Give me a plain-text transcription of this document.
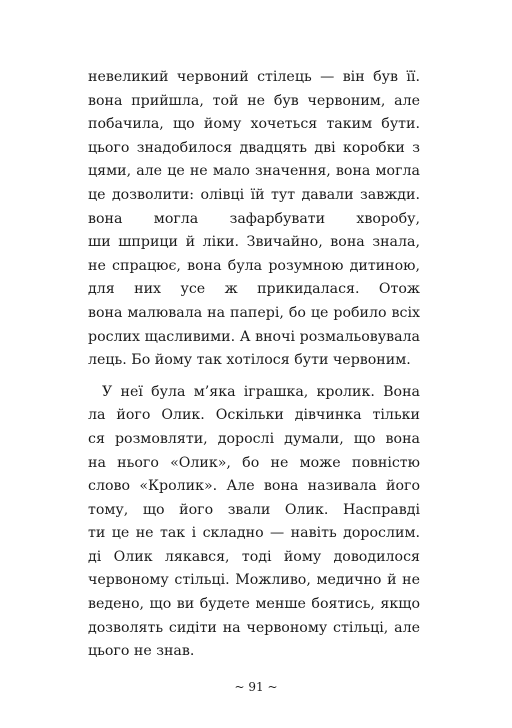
невеликий червоний стілець — він був її.
вона прийшла, той не був червоним, але
побачила, що йому хочеться таким бути.
цього знадобилося двадцять дві коробки з
цями, але це не мало значення, вона могла
це дозволити: олівці їй тут давали завжди.
вона могла зафарбувати хворобу,
ши шприци й ліки. Звичайно, вона знала,
не спрацює, вона була розумною дитиною,
для них усе ж прикидалася. Отож
вона малювала на папері, бо це робило всіх
рослих щасливими. А вночі розмальовувала
лець. Бо йому так хотілося бути червоним.
У неї була м’яка іграшка, кролик. Вона
ла його Олик. Оскільки дівчинка тільки
ся розмовляти, дорослі думали, що вона
на нього «Олик», бо не може повністю
слово «Кролик». Але вона називала його
тому, що його звали Олик. Насправді
ти це не так і складно — навіть дорослим.
ді Олик лякався, тоді йому доводилося
червоному стільці. Можливо, медично й не
ведено, що ви будете менше боятись, якщо
дозволять сидіти на червоному стільці, але
цього не знав.
~ 91 ~
